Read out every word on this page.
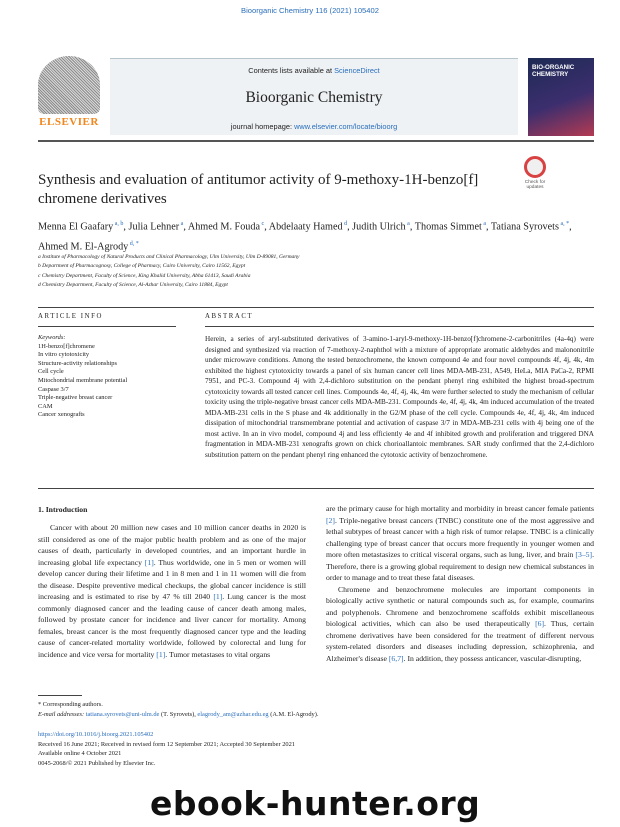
Bioorganic Chemistry 116 (2021) 105402
ELSEVIER
Contents lists available at ScienceDirect
Bioorganic Chemistry
journal homepage: www.elsevier.com/locate/bioorg
BIO-ORGANIC CHEMISTRY
Synthesis and evaluation of antitumor activity of 9-methoxy-1H-benzo[f] chromene derivatives
Check for updates
Menna El Gaafary $^{a, b}$, Julia Lehner $^a$, Ahmed M. Fouda $^c$, Abdelaaty Hamed $^d$, Judith Ulrich $^a$, Thomas Simmet $^a$, Tatiana Syrovets $^{a, *}$, Ahmed M. El-Agrody $^{d, *}$
a Institute of Pharmacology of Natural Products and Clinical Pharmacology, Ulm University, Ulm D-89081, Germany
b Department of Pharmacognosy, College of Pharmacy, Cairo University, Cairo 11562, Egypt
c Chemistry Department, Faculty of Science, King Khalid University, Abha 61413, Saudi Arabia
d Chemistry Department, Faculty of Science, Al-Azhar University, Cairo 11884, Egypt
ARTICLE INFO	ABSTRACT
Keywords:
1H-benzo[f]chromene
In vitro cytotoxicity
Structure-activity relationships
Cell cycle
Mitochondrial membrane potential
Caspase 3/7
Triple-negative breast cancer
CAM
Cancer xenografts
Herein, a series of aryl-substituted derivatives of 3-amino-1-aryl-9-methoxy-1H-benzo[f]chromene-2-carbonitriles (4a-4q) were designed and synthesized via reaction of 7-methoxy-2-naphthol with a mixture of appropriate aromatic aldehydes and malononitrile under microwave conditions. Among the tested benzochromene, the known compound 4e and four novel compounds 4f, 4j, 4k, 4m exhibited the highest cytotoxicity towards a panel of six human cancer cell lines MDA-MB-231, A549, HeLa, MIA PaCa-2, RPMI 7951, and PC-3. Compound 4j with 2,4-dichloro substitution on the pendant phenyl ring exhibited the highest broad-spectrum cytotoxicity towards all tested cancer cell lines. Compounds 4e, 4f, 4j, 4k, 4m were further selected to study the mechanism of cellular toxicity using the triple-negative breast cancer cells MDA-MB-231. Compounds 4e, 4f, 4j, 4k, 4m induced accumulation of the treated MDA-MB-231 cells in the S phase and 4k additionally in the G2/M phase of the cell cycle. Compounds 4e, 4f, 4j, 4k, 4m induced dissipation of mitochondrial transmembrane potential and activation of caspase 3/7 in MDA-MB-231 cells with 4j being one of the most active. In an in vivo model, compound 4j and less efficiently 4e and 4f inhibited growth and proliferation and triggered DNA fragmentation in MDA-MB-231 xenografts grown on chick chorioallantoic membranes. SAR study confirmed that the 2,4-dichloro substitution pattern on the pendant phenyl ring enhanced the cytotoxic activity of benzochromene.
1. Introduction

Cancer with about 20 million new cases and 10 million cancer deaths in 2020 is still considered as one of the major public health problem and as one of the major causes of death, particularly in developed countries, and an important hurdle in increasing global life expectancy [1]. Thus worldwide, one in 5 men or women will develop cancer during their lifetime and 1 in 8 men and 1 in 11 women will die from the disease. Despite preventive medical checkups, the global cancer incidence is still increasing and is estimated to rise by 47 % till 2040 [1]. Lung cancer is the most commonly diagnosed cancer and the leading cause of cancer death among males, followed by prostate cancer for incidence and liver cancer for mortality. Among females, breast cancer is the most frequently diagnosed cancer type and the leading cause of cancer-related mortality worldwide, followed by colorectal and lung for incidence and vice versa for mortality [1]. Tumor metastases to vital organs

are the primary cause for high mortality and morbidity in breast cancer female patients [2]. Triple-negative breast cancers (TNBC) constitute one of the most aggressive and lethal subtypes of breast cancer with a high risk of tumor relapse. TNBC is a clinically challenging type of breast cancer that occurs more frequently in younger women and more often metastasizes to critical visceral organs, such as lung, liver, and brain [3–5]. Therefore, there is a growing global requirement to design new chemical substances in order to manage and to treat these fatal diseases.

Chromene and benzochromene molecules are important components in biologically active synthetic or natural compounds such as, for example, coumarins and polyphenols. Chromene and benzochromene scaffolds exhibit miscellaneous biological activities, which can also be used therapeutically [6]. Thus, certain chromene derivatives have been considered for the treatment of different nervous system-related disorders and diseases including depression, schizophrenia, and Alzheimer's disease [6,7]. In addition, they possess anticancer, vascular-disrupting,

* Corresponding authors.
E-mail addresses: tatiana.syrovets@uni-ulm.de (T. Syrovets), elagrody_am@azhar.edu.eg (A.M. El-Agrody).
https://doi.org/10.1016/j.bioorg.2021.105402
Received 16 June 2021; Received in revised form 12 September 2021; Accepted 30 September 2021
Available online 4 October 2021
0045-2068/© 2021 Published by Elsevier Inc.
ebook-hunter.org
